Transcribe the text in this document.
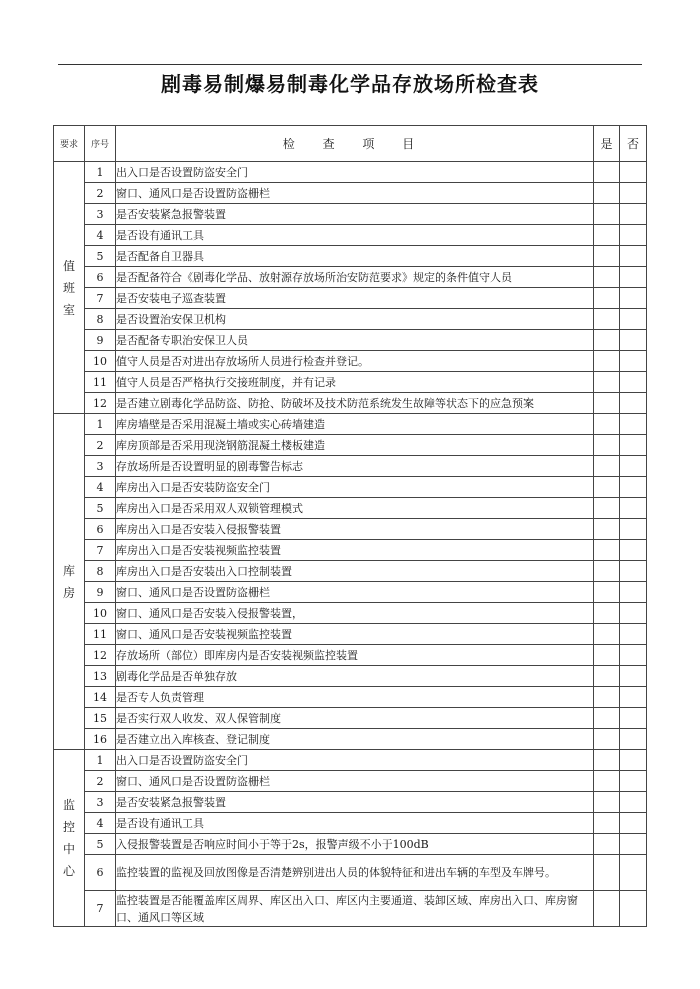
剧毒易制爆易制毒化学品存放场所检查表
要求	序号	检 查 项 目	是	否
值班室	1	出入口是否设置防盗安全门		
	2	窗口、通风口是否设置防盗栅栏		
	3	是否安装紧急报警装置		
	4	是否设有通讯工具		
	5	是否配备自卫器具		
	6	是否配备符合《剧毒化学品、放射源存放场所治安防范要求》规定的条件值守人员		
	7	是否安装电子巡查装置		
	8	是否设置治安保卫机构		
	9	是否配备专职治安保卫人员		
	10	值守人员是否对进出存放场所人员进行检查并登记。		
	11	值守人员是否严格执行交接班制度，并有记录		
	12	是否建立剧毒化学品防盗、防抢、防破坏及技术防范系统发生故障等状态下的应急预案		
库房	1	库房墙壁是否采用混凝土墙或实心砖墙建造		
	2	库房顶部是否采用现浇钢筋混凝土楼板建造		
	3	存放场所是否设置明显的剧毒警告标志		
	4	库房出入口是否安装防盗安全门		
	5	库房出入口是否采用双人双锁管理模式		
	6	库房出入口是否安装入侵报警装置		
	7	库房出入口是否安装视频监控装置		
	8	库房出入口是否安装出入口控制装置		
	9	窗口、通风口是否设置防盗栅栏		
	10	窗口、通风口是否安装入侵报警装置，		
	11	窗口、通风口是否安装视频监控装置		
	12	存放场所（部位）即库房内是否安装视频监控装置		
	13	剧毒化学品是否单独存放		
	14	是否专人负责管理		
	15	是否实行双人收发、双人保管制度		
	16	是否建立出入库核查、登记制度		
监控中心	1	出入口是否设置防盗安全门		
	2	窗口、通风口是否设置防盗栅栏		
	3	是否安装紧急报警装置		
	4	是否设有通讯工具		
	5	入侵报警装置是否响应时间小于等于2s，报警声级不小于100dB		
	6	监控装置的监视及回放图像是否清楚辨别进出人员的体貌特征和进出车辆的车型及车牌号。		
	7	监控装置是否能覆盖库区周界、库区出入口、库区内主要通道、装卸区域、库房出入口、库房窗口、通风口等区域		
